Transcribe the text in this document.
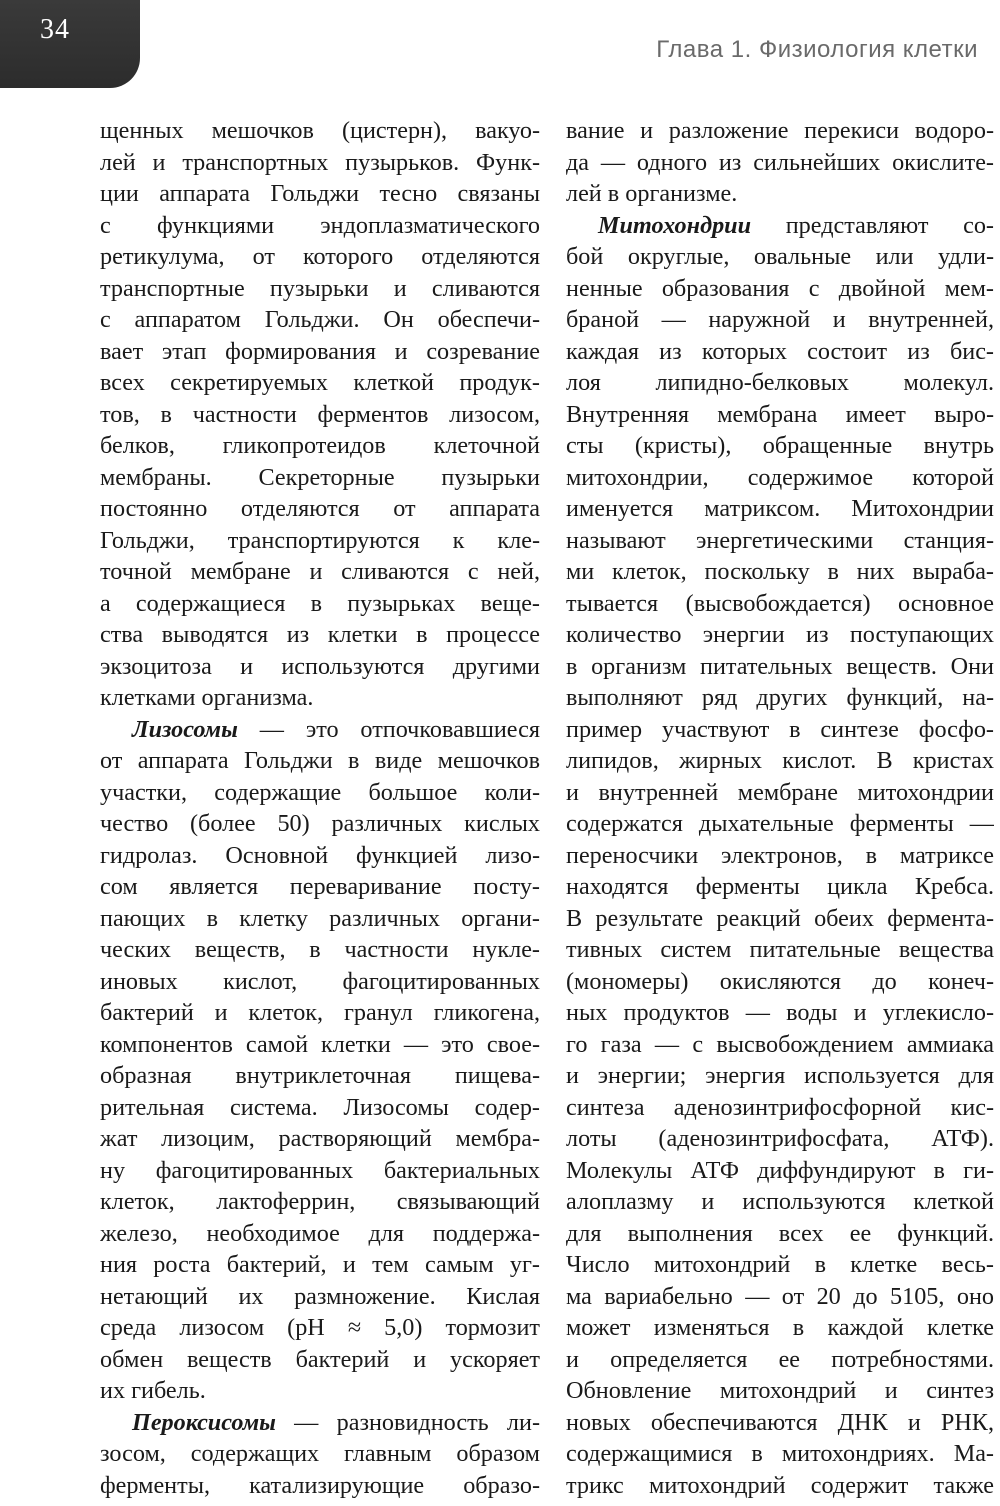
34
Глава 1. Физиология клетки
щенных мешочков (цистерн), вакуо-
лей и транспортных пузырьков. Функ-
ции аппарата Гольджи тесно связаны
с функциями эндоплазматического
ретикулума, от которого отделяются
транспортные пузырьки и сливаются
с аппаратом Гольджи. Он обеспечи-
вает этап формирования и созревание
всех секретируемых клеткой продук-
тов, в частности ферментов лизосом,
белков, гликопротеидов клеточной
мембраны. Секреторные пузырьки
постоянно отделяются от аппарата
Гольджи, транспортируются к кле-
точной мембране и сливаются с ней,
а содержащиеся в пузырьках веще-
ства выводятся из клетки в процессе
экзоцитоза и используются другими
клетками организма.
Лизосомы — это отпочковавшиеся
от аппарата Гольджи в виде мешочков
участки, содержащие большое коли-
чество (более 50) различных кислых
гидролаз. Основной функцией лизо-
сом является переваривание посту-
пающих в клетку различных органи-
ческих веществ, в частности нукле-
иновых кислот, фагоцитированных
бактерий и клеток, гранул гликогена,
компонентов самой клетки — это свое-
образная внутриклеточная пищева-
рительная система. Лизосомы содер-
жат лизоцим, растворяющий мембра-
ну фагоцитированных бактериальных
клеток, лактоферрин, связывающий
железо, необходимое для поддержа-
ния роста бактерий, и тем самым уг-
нетающий их размножение. Кислая
среда лизосом (pH ≈ 5,0) тормозит
обмен веществ бактерий и ускоряет
их гибель.
Пероксисомы — разновидность ли-
зосом, содержащих главным образом
ферменты, катализирующие образо-
вание и разложение перекиси водоро-
да — одного из сильнейших окислите-
лей в организме.
Митохондрии представляют со-
бой округлые, овальные или удли-
ненные образования с двойной мем-
браной — наружной и внутренней,
каждая из которых состоит из бис-
лоя липидно-белковых молекул.
Внутренняя мембрана имеет выро-
сты (кристы), обращенные внутрь
митохондрии, содержимое которой
именуется матриксом. Митохондрии
называют энергетическими станция-
ми клеток, поскольку в них выраба-
тывается (высвобождается) основное
количество энергии из поступающих
в организм питательных веществ. Они
выполняют ряд других функций, на-
пример участвуют в синтезе фосфо-
липидов, жирных кислот. В кристах
и внутренней мембране митохондрии
содержатся дыхательные ферменты —
переносчики электронов, в матриксе
находятся ферменты цикла Кребса.
В результате реакций обеих фермента-
тивных систем питательные вещества
(мономеры) окисляются до конеч-
ных продуктов — воды и углекисло-
го газа — с высвобождением аммиака
и энергии; энергия используется для
синтеза аденозинтрифосфорной кис-
лоты (аденозинтрифосфата, АТФ).
Молекулы АТФ диффундируют в ги-
алоплазму и используются клеткой
для выполнения всех ее функций.
Число митохондрий в клетке весь-
ма вариабельно — от 20 до 5105, оно
может изменяться в каждой клетке
и определяется ее потребностями.
Обновление митохондрий и синтез
новых обеспечиваются ДНК и РНК,
содержащимися в митохондриях. Ма-
трикс митохондрий содержит также
